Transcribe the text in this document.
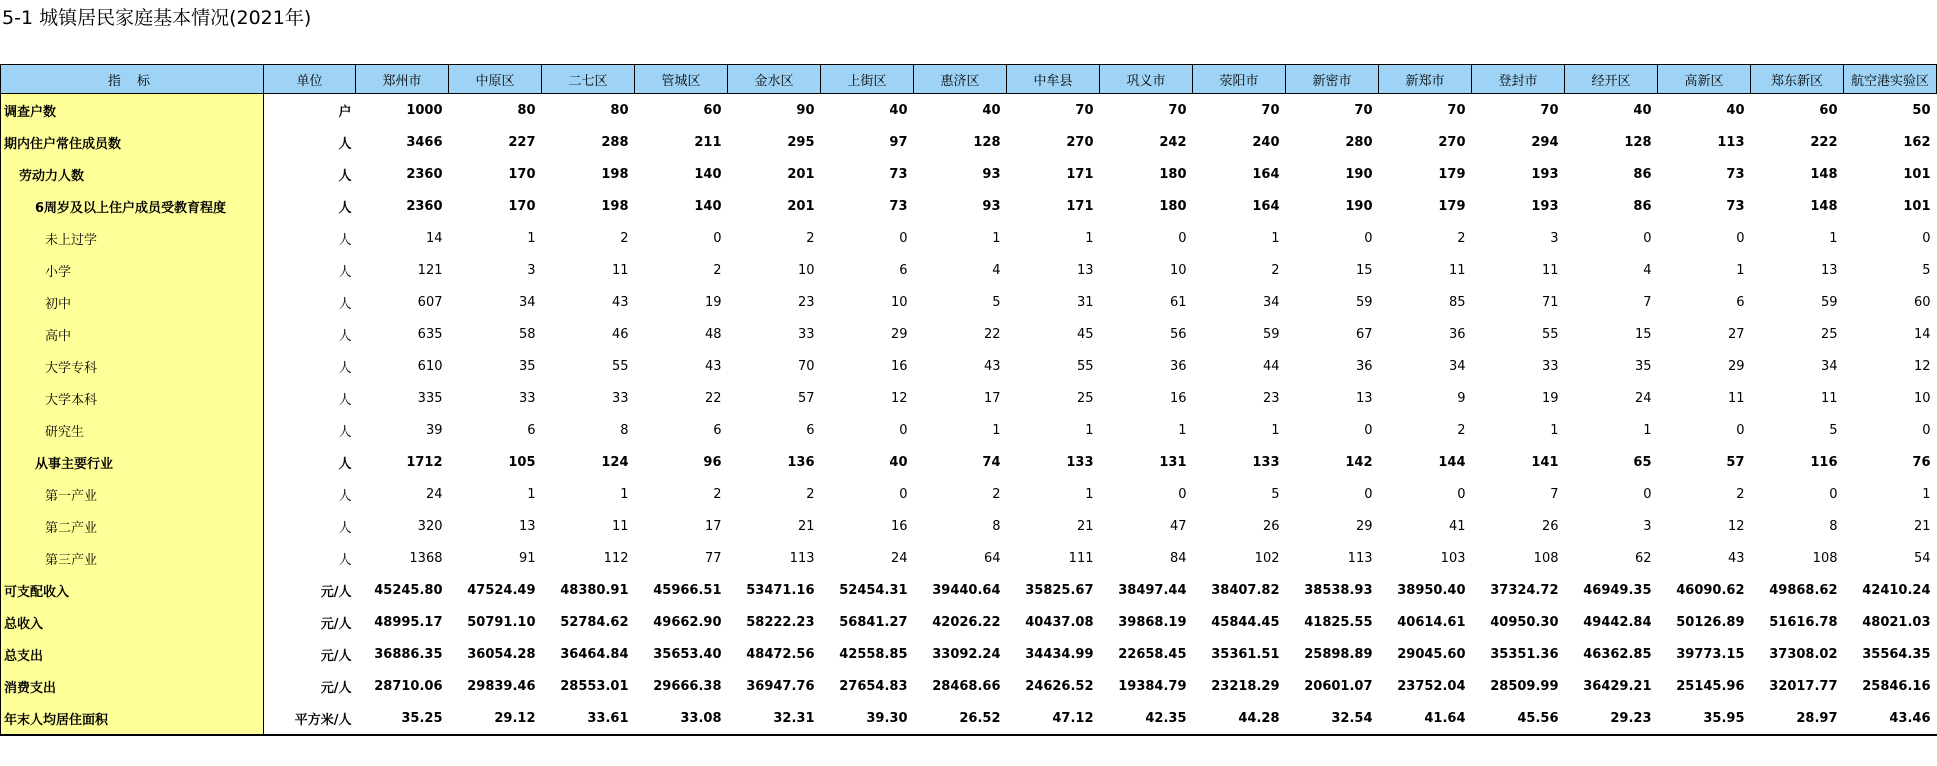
5-1 城镇居民家庭基本情况(2021年)
指 标	单位	郑州市	中原区	二七区	管城区	金水区	上街区	惠济区	中牟县	巩义市	荥阳市	新密市	新郑市	登封市	经开区	高新区	郑东新区	航空港实验区
调查户数	户	1000	80	80	60	90	40	40	70	70	70	70	70	70	40	40	60	50
期内住户常住成员数	人	3466	227	288	211	295	97	128	270	242	240	280	270	294	128	113	222	162
劳动力人数	人	2360	170	198	140	201	73	93	171	180	164	190	179	193	86	73	148	101
6周岁及以上住户成员受教育程度	人	2360	170	198	140	201	73	93	171	180	164	190	179	193	86	73	148	101
未上过学	人	14	1	2	0	2	0	1	1	0	1	0	2	3	0	0	1	0
小学	人	121	3	11	2	10	6	4	13	10	2	15	11	11	4	1	13	5
初中	人	607	34	43	19	23	10	5	31	61	34	59	85	71	7	6	59	60
高中	人	635	58	46	48	33	29	22	45	56	59	67	36	55	15	27	25	14
大学专科	人	610	35	55	43	70	16	43	55	36	44	36	34	33	35	29	34	12
大学本科	人	335	33	33	22	57	12	17	25	16	23	13	9	19	24	11	11	10
研究生	人	39	6	8	6	6	0	1	1	1	1	0	2	1	1	0	5	0
从事主要行业	人	1712	105	124	96	136	40	74	133	131	133	142	144	141	65	57	116	76
第一产业	人	24	1	1	2	2	0	2	1	0	5	0	0	7	0	2	0	1
第二产业	人	320	13	11	17	21	16	8	21	47	26	29	41	26	3	12	8	21
第三产业	人	1368	91	112	77	113	24	64	111	84	102	113	103	108	62	43	108	54
可支配收入	元/人	45245.80	47524.49	48380.91	45966.51	53471.16	52454.31	39440.64	35825.67	38497.44	38407.82	38538.93	38950.40	37324.72	46949.35	46090.62	49868.62	42410.24
总收入	元/人	48995.17	50791.10	52784.62	49662.90	58222.23	56841.27	42026.22	40437.08	39868.19	45844.45	41825.55	40614.61	40950.30	49442.84	50126.89	51616.78	48021.03
总支出	元/人	36886.35	36054.28	36464.84	35653.40	48472.56	42558.85	33092.24	34434.99	22658.45	35361.51	25898.89	29045.60	35351.36	46362.85	39773.15	37308.02	35564.35
消费支出	元/人	28710.06	29839.46	28553.01	29666.38	36947.76	27654.83	28468.66	24626.52	19384.79	23218.29	20601.07	23752.04	28509.99	36429.21	25145.96	32017.77	25846.16
年末人均居住面积	平方米/人	35.25	29.12	33.61	33.08	32.31	39.30	26.52	47.12	42.35	44.28	32.54	41.64	45.56	29.23	35.95	28.97	43.46
